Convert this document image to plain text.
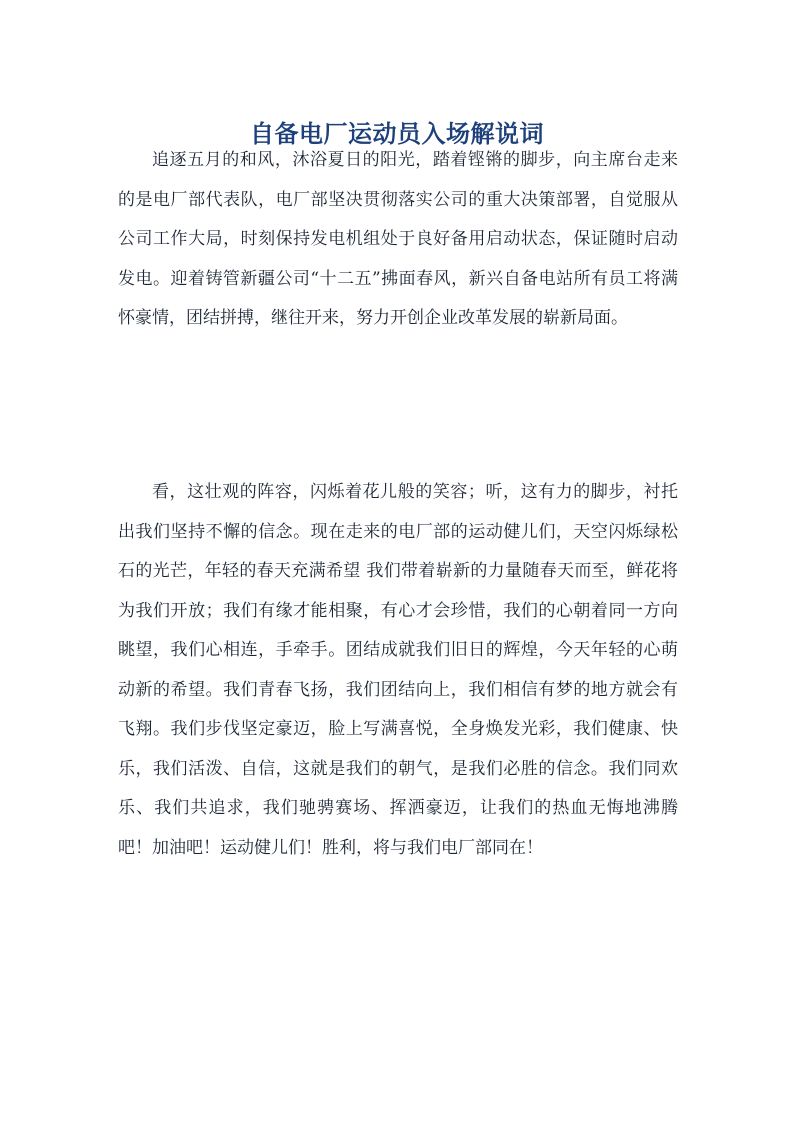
自备电厂运动员入场解说词

追逐五月的和风，沐浴夏日的阳光，踏着铿锵的脚步，向主席台走来的是电厂部代表队，电厂部坚决贯彻落实公司的重大决策部署，自觉服从公司工作大局，时刻保持发电机组处于良好备用启动状态，保证随时启动发电。迎着铸管新疆公司“十二五”拂面春风，新兴自备电站所有员工将满怀豪情，团结拼搏，继往开来，努力开创企业改革发展的崭新局面。

看，这壮观的阵容，闪烁着花儿般的笑容；听，这有力的脚步，衬托出我们坚持不懈的信念。现在走来的电厂部的运动健儿们，天空闪烁绿松石的光芒，年轻的春天充满希望 我们带着崭新的力量随春天而至，鲜花将为我们开放；我们有缘才能相聚，有心才会珍惜，我们的心朝着同一方向眺望，我们心相连，手牵手。团结成就我们旧日的辉煌，今天年轻的心萌动新的希望。我们青春飞扬，我们团结向上，我们相信有梦的地方就会有飞翔。我们步伐坚定豪迈，脸上写满喜悦，全身焕发光彩，我们健康、快乐，我们活泼、自信，这就是我们的朝气，是我们必胜的信念。我们同欢乐、我们共追求，我们驰骋赛场、挥洒豪迈，让我们的热血无悔地沸腾吧！加油吧！运动健儿们！胜利，将与我们电厂部同在！
